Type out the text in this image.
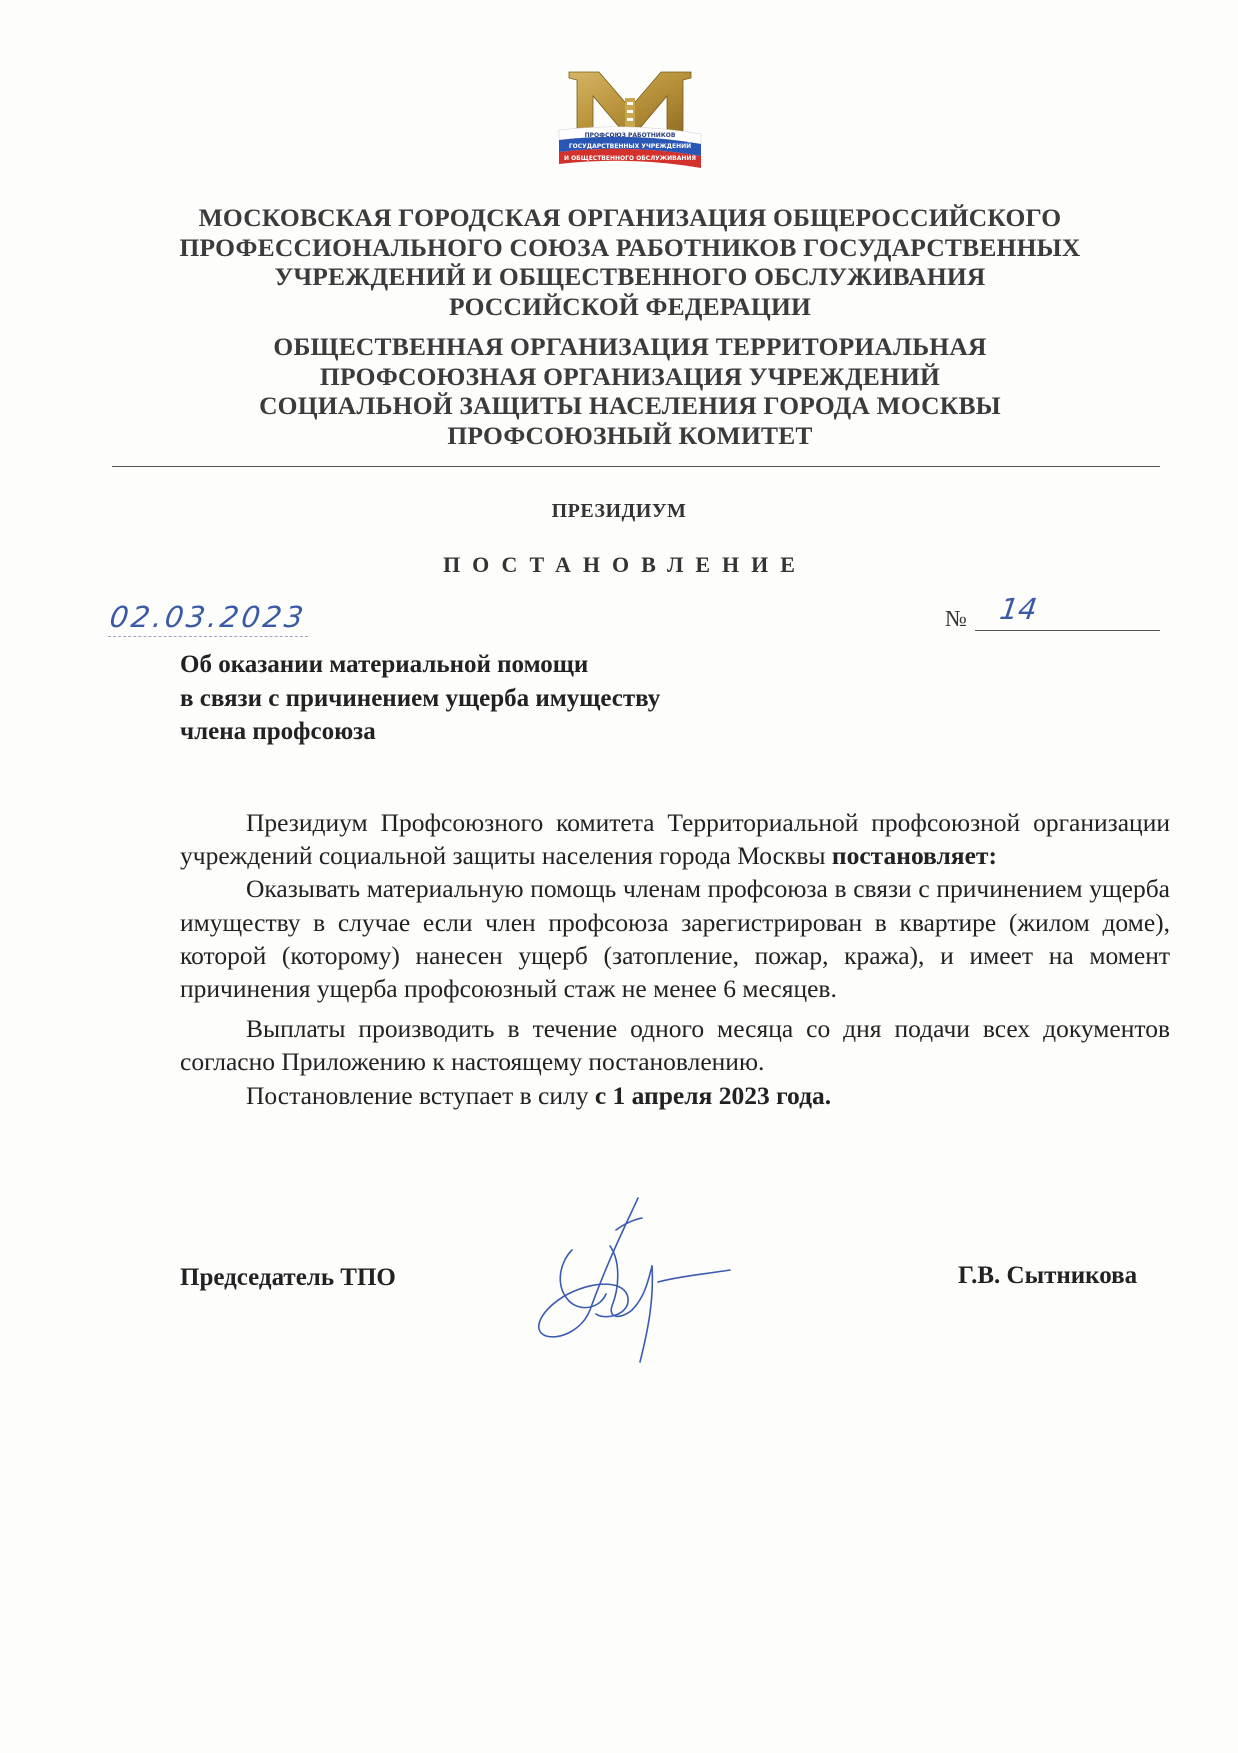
ПРОФСОЮЗ РАБОТНИКОВ
ГОСУДАРСТВЕННЫХ УЧРЕЖДЕНИЙ
И ОБЩЕСТВЕННОГО ОБСЛУЖИВАНИЯ
МОСКОВСКАЯ ГОРОДСКАЯ ОРГАНИЗАЦИЯ ОБЩЕРОССИЙСКОГО
ПРОФЕССИОНАЛЬНОГО СОЮЗА РАБОТНИКОВ ГОСУДАРСТВЕННЫХ
УЧРЕЖДЕНИЙ И ОБЩЕСТВЕННОГО ОБСЛУЖИВАНИЯ
РОССИЙСКОЙ ФЕДЕРАЦИИ
ОБЩЕСТВЕННАЯ ОРГАНИЗАЦИЯ ТЕРРИТОРИАЛЬНАЯ
ПРОФСОЮЗНАЯ ОРГАНИЗАЦИЯ УЧРЕЖДЕНИЙ
СОЦИАЛЬНОЙ ЗАЩИТЫ НАСЕЛЕНИЯ ГОРОДА МОСКВЫ
ПРОФСОЮЗНЫЙ КОМИТЕТ
ПРЕЗИДИУМ
ПОСТАНОВЛЕНИЕ
02.03.2023	№ 14
Об оказании материальной помощи
в связи с причинением ущерба имуществу
члена профсоюза

Президиум Профсоюзного комитета Территориальной профсоюзной организации учреждений социальной защиты населения города Москвы постановляет:

Оказывать материальную помощь членам профсоюза в связи с причинением ущерба имуществу в случае если член профсоюза зарегистрирован в квартире (жилом доме), которой (которому) нанесен ущерб (затопление, пожар, кража), и имеет на момент причинения ущерба профсоюзный стаж не менее 6 месяцев.

Выплаты производить в течение одного месяца со дня подачи всех документов согласно Приложению к настоящему постановлению.

Постановление вступает в силу с 1 апреля 2023 года.

Председатель ТПО	Г.В. Сытникова
